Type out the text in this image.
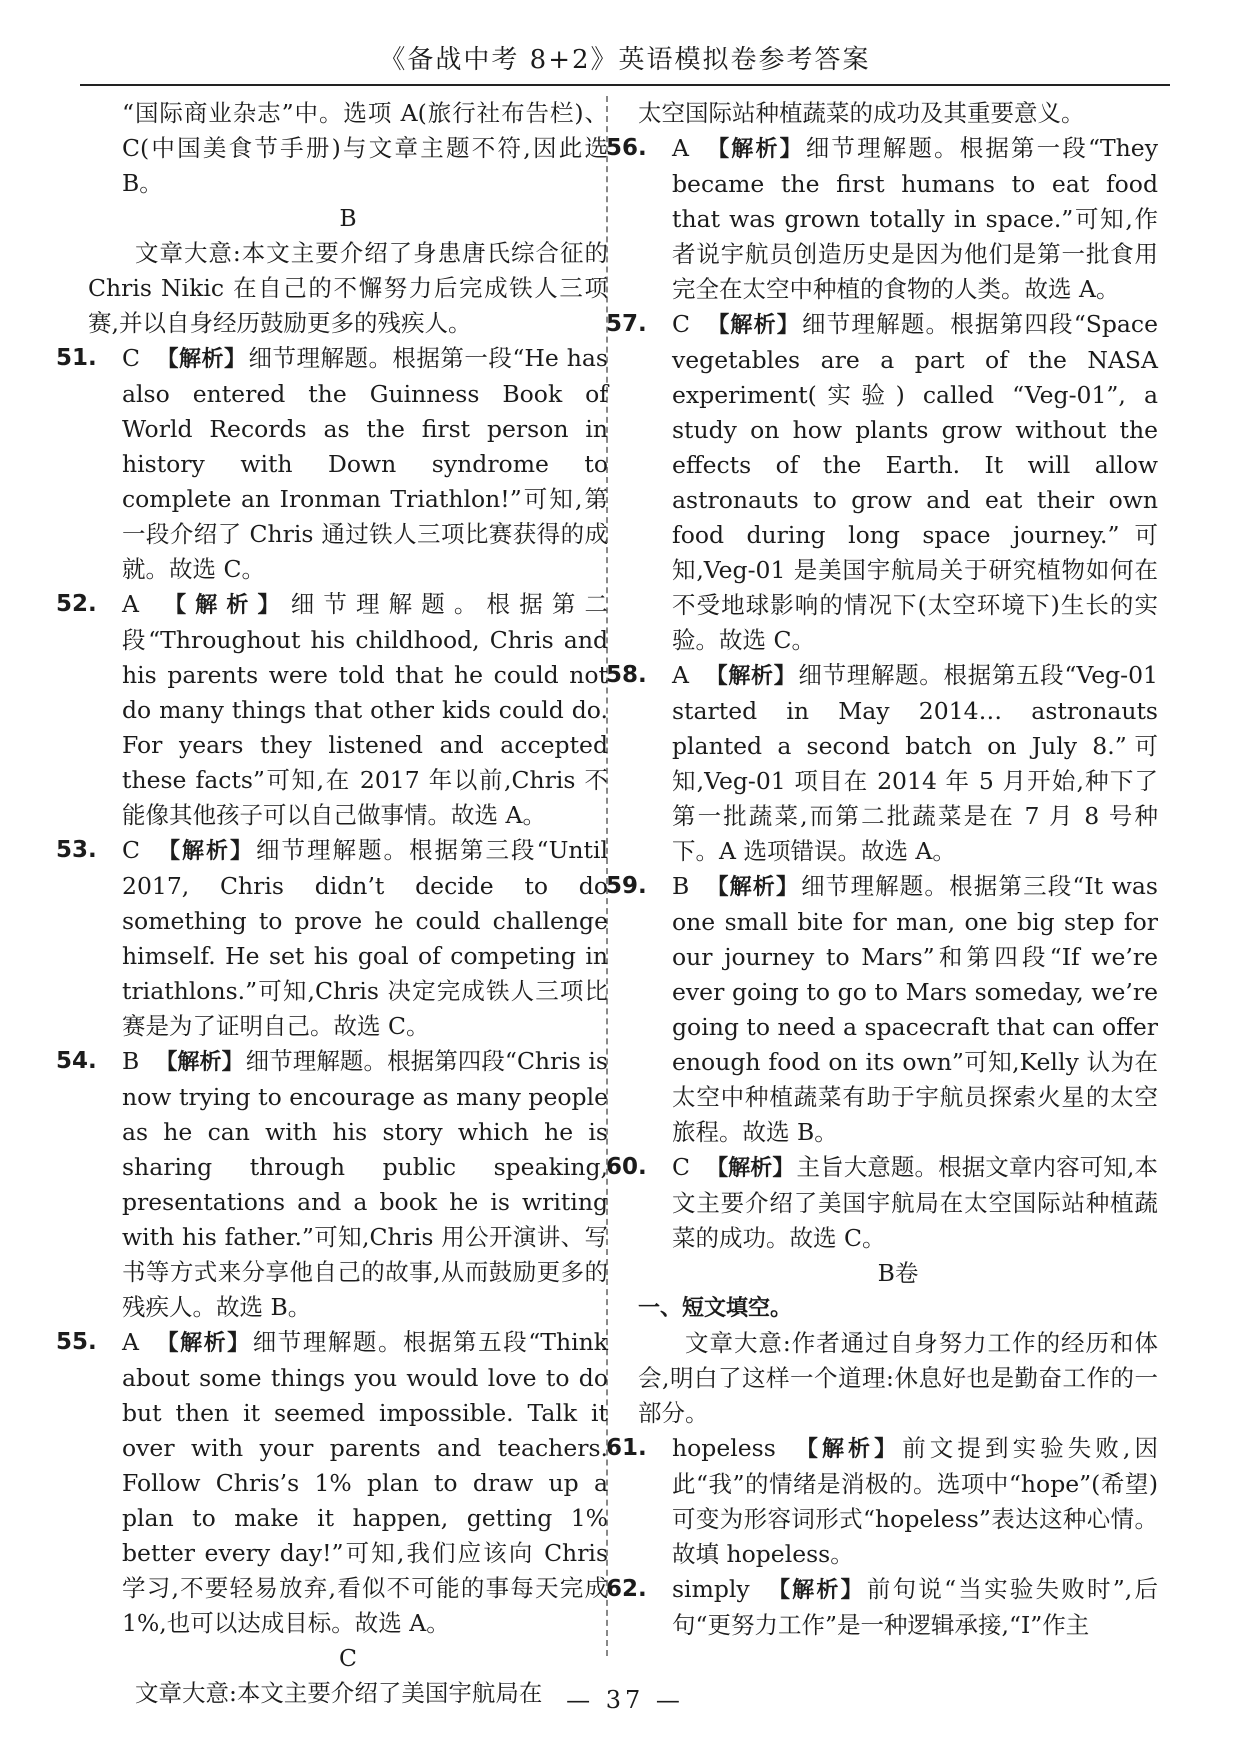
《备战中考 8+2》英语模拟卷参考答案

“国际商业杂志”中。选项 A(旅行社布告栏)、C(中国美食节手册)与文章主题不符,因此选 B。

B

文章大意:本文主要介绍了身患唐氏综合征的 Chris Nikic 在自己的不懈努力后完成铁人三项赛,并以自身经历鼓励更多的残疾人。

51.	C 【解析】细节理解题。根据第一段“He has also entered the Guinness Book of World Records as the first person in history with Down syndrome to complete an Ironman Triathlon!”可知,第一段介绍了 Chris 通过铁人三项比赛获得的成就。故选 C。
52.	A 【解析】细节理解题。根据第二段“Throughout his childhood, Chris and his parents were told that he could not do many things that other kids could do. For years they listened and accepted these facts”可知,在 2017 年以前,Chris 不能像其他孩子可以自己做事情。故选 A。
53.	C 【解析】细节理解题。根据第三段“Until 2017, Chris didn’t decide to do something to prove he could challenge himself. He set his goal of competing in triathlons.”可知,Chris 决定完成铁人三项比赛是为了证明自己。故选 C。
54.	B 【解析】细节理解题。根据第四段“Chris is now trying to encourage as many people as he can with his story which he is sharing through public speaking, presentations and a book he is writing with his father.”可知,Chris 用公开演讲、写书等方式来分享他自己的故事,从而鼓励更多的残疾人。故选 B。
55.	A 【解析】细节理解题。根据第五段“Think about some things you would love to do but then it seemed impossible. Talk it over with your parents and teachers. Follow Chris’s 1% plan to draw up a plan to make it happen, getting 1% better every day!”可知,我们应该向 Chris 学习,不要轻易放弃,看似不可能的事每天完成 1%,也可以达成目标。故选 A。

C

文章大意:本文主要介绍了美国宇航局在

太空国际站种植蔬菜的成功及其重要意义。

56.	A 【解析】细节理解题。根据第一段“They became the first humans to eat food that was grown totally in space.”可知,作者说宇航员创造历史是因为他们是第一批食用完全在太空中种植的食物的人类。故选 A。
57.	C 【解析】细节理解题。根据第四段“Space vegetables are a part of the NASA experiment(实验) called “Veg-01”, a study on how plants grow without the effects of the Earth. It will allow astronauts to grow and eat their own food during long space journey.”可知,Veg-01 是美国宇航局关于研究植物如何在不受地球影响的情况下(太空环境下)生长的实验。故选 C。
58.	A 【解析】细节理解题。根据第五段“Veg-01 started in May 2014… astronauts planted a second batch on July 8.”可知,Veg-01 项目在 2014 年 5 月开始,种下了第一批蔬菜,而第二批蔬菜是在 7 月 8 号种下。A 选项错误。故选 A。
59.	B 【解析】细节理解题。根据第三段“It was one small bite for man, one big step for our journey to Mars”和第四段“If we’re ever going to go to Mars someday, we’re going to need a spacecraft that can offer enough food on its own”可知,Kelly 认为在太空中种植蔬菜有助于宇航员探索火星的太空旅程。故选 B。
60.	C 【解析】主旨大意题。根据文章内容可知,本文主要介绍了美国宇航局在太空国际站种植蔬菜的成功。故选 C。

B卷

一、短文填空。

文章大意:作者通过自身努力工作的经历和体会,明白了这样一个道理:休息好也是勤奋工作的一部分。

61.	hopeless 【解析】前文提到实验失败,因此“我”的情绪是消极的。选项中“hope”(希望)可变为形容词形式“hopeless”表达这种心情。故填 hopeless。
62.	simply 【解析】前句说“当实验失败时”,后句“更努力工作”是一种逻辑承接,“I”作主
— 37 —
